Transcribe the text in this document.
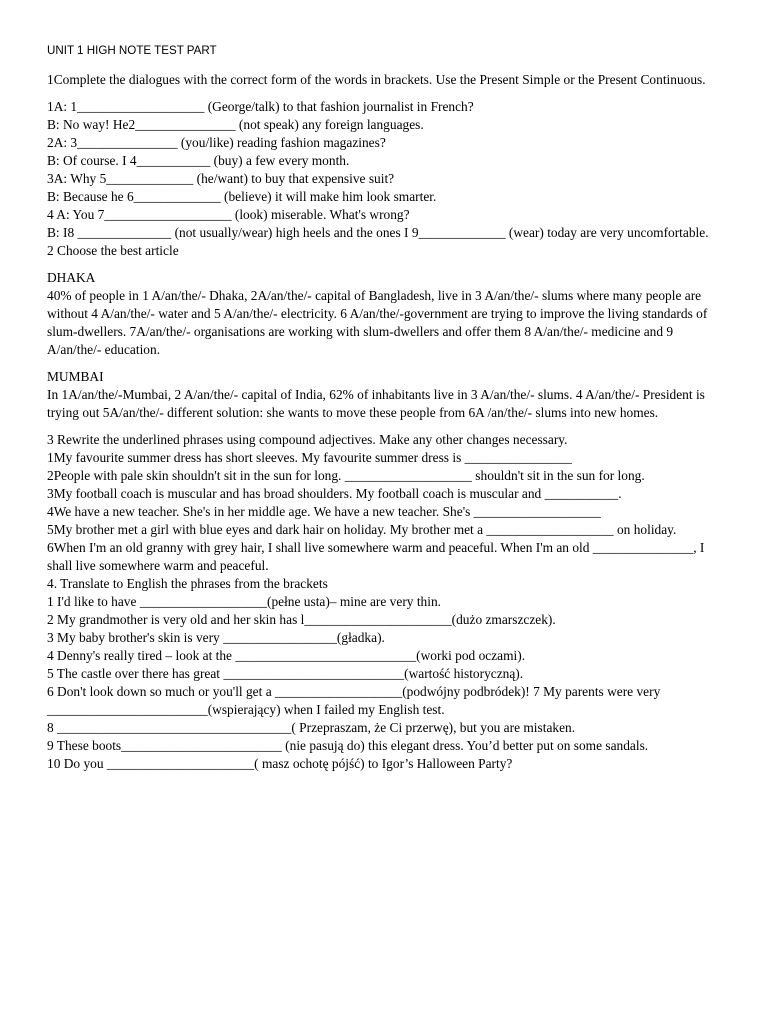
UNIT 1 HIGH NOTE TEST PART

1Complete the dialogues with the correct form of the words in brackets. Use the Present Simple or the Present Continuous.

1A: 1___________________ (George/talk) to that fashion journalist in French?

B: No way! He2_______________ (not speak) any foreign languages.

2A: 3_______________ (you/like) reading fashion magazines?

B: Of course. I 4___________ (buy) a few every month.

3A: Why 5_____________ (he/want) to buy that expensive suit?

B: Because he 6_____________ (believe) it will make him look smarter.

4 A: You 7___________________ (look) miserable. What's wrong?

B: I8 ______________ (not usually/wear) high heels and the ones I 9_____________ (wear) today are very uncomfortable.

2 Choose the best article

DHAKA

40% of people in 1 A/an/the/- Dhaka, 2A/an/the/- capital of Bangladesh, live in 3 A/an/the/- slums where many people are without 4 A/an/the/- water and 5 A/an/the/- electricity. 6 A/an/the/-government are trying to improve the living standards of slum-dwellers. 7A/an/the/- organisations are working with slum-dwellers and offer them 8 A/an/the/- medicine and 9 A/an/the/- education.

MUMBAI

In 1A/an/the/-Mumbai, 2 A/an/the/- capital of India, 62% of inhabitants live in 3 A/an/the/- slums. 4 A/an/the/- President is trying out 5A/an/the/- different solution: she wants to move these people from 6A /an/the/- slums into new homes.

3 Rewrite the underlined phrases using compound adjectives. Make any other changes necessary.

1My favourite summer dress has short sleeves. My favourite summer dress is ________________

2People with pale skin shouldn't sit in the sun for long. ___________________ shouldn't sit in the sun for long.

3My football coach is muscular and has broad shoulders. My football coach is muscular and ___________.

4We have a new teacher. She's in her middle age. We have a new teacher. She's ___________________

5My brother met a girl with blue eyes and dark hair on holiday. My brother met a ___________________ on holiday.

6When I'm an old granny with grey hair, I shall live somewhere warm and peaceful. When I'm an old _______________, I shall live somewhere warm and peaceful.

4. Translate to English the phrases from the brackets

1 I'd like to have ___________________(pełne usta)– mine are very thin.

2 My grandmother is very old and her skin has l______________________(dużo zmarszczek).

3 My baby brother's skin is very _________________(gładka).

4 Denny's really tired – look at the ___________________________(worki pod oczami).

5 The castle over there has great ___________________________(wartość historyczną).

6 Don't look down so much or you'll get a ___________________(podwójny podbródek)! 7 My parents were very ________________________(wspierający) when I failed my English test.

8 ___________________________________( Przepraszam, że Ci przerwę), but you are mistaken.

9 These boots________________________ (nie pasują do) this elegant dress. You’d better put on some sandals.

10 Do you ______________________( masz ochotę pójść) to Igor’s Halloween Party?
